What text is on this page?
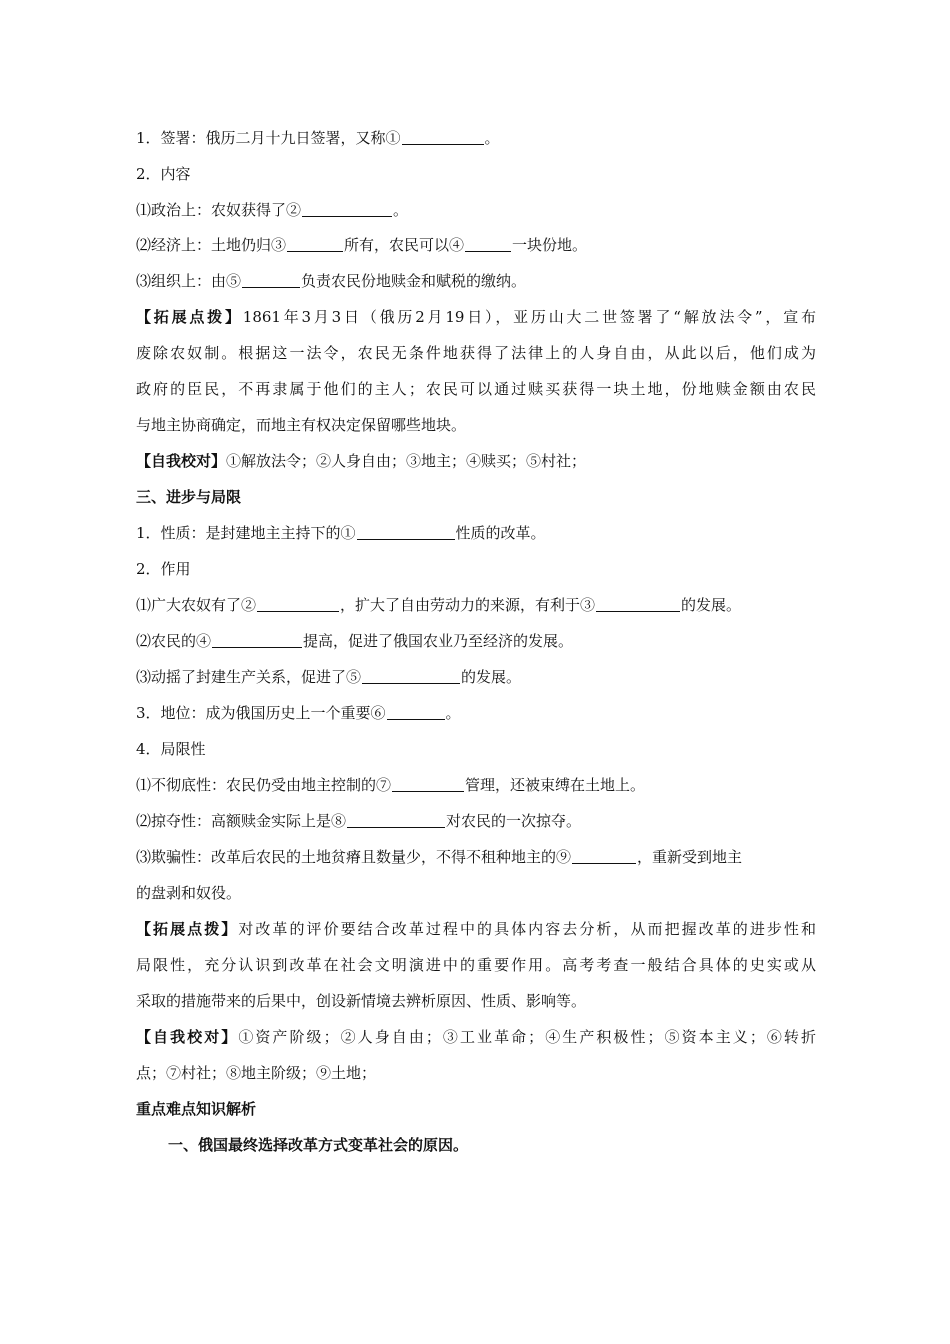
1．签署：俄历二月十九日签署，又称①	。
2．内容
⑴政治上：农奴获得了②	。
⑵经济上：土地仍归③	所有，农民可以④	一块份地。
⑶组织上：由⑤	负责农民份地赎金和赋税的缴纳。
【拓展点拨】1861年3月3日（俄历2月19日），亚历山大二世签署了“解放法令”，宣布
废除农奴制。根据这一法令，农民无条件地获得了法律上的人身自由，从此以后，他们成为
政府的臣民，不再隶属于他们的主人；农民可以通过赎买获得一块土地，份地赎金额由农民
与地主协商确定，而地主有权决定保留哪些地块。
【自我校对】①解放法令；②人身自由；③地主；④赎买；⑤村社；
三、进步与局限
1．性质：是封建地主主持下的①	性质的改革。
2．作用
⑴广大农奴有了②	，扩大了自由劳动力的来源，有利于③	的发展。
⑵农民的④	提高，促进了俄国农业乃至经济的发展。
⑶动摇了封建生产关系，促进了⑤	的发展。
3．地位：成为俄国历史上一个重要⑥	。
4．局限性
⑴不彻底性：农民仍受由地主控制的⑦	管理，还被束缚在土地上。
⑵掠夺性：高额赎金实际上是⑧	对农民的一次掠夺。
⑶欺骗性：改革后农民的土地贫瘠且数量少，不得不租种地主的⑨	，重新受到地主
的盘剥和奴役。
【拓展点拨】对改革的评价要结合改革过程中的具体内容去分析，从而把握改革的进步性和
局限性，充分认识到改革在社会文明演进中的重要作用。高考考查一般结合具体的史实或从
采取的措施带来的后果中，创设新情境去辨析原因、性质、影响等。
【自我校对】①资产阶级；②人身自由；③工业革命；④生产积极性；⑤资本主义；⑥转折
点；⑦村社；⑧地主阶级；⑨土地；
重点难点知识解析
一、俄国最终选择改革方式变革社会的原因。
